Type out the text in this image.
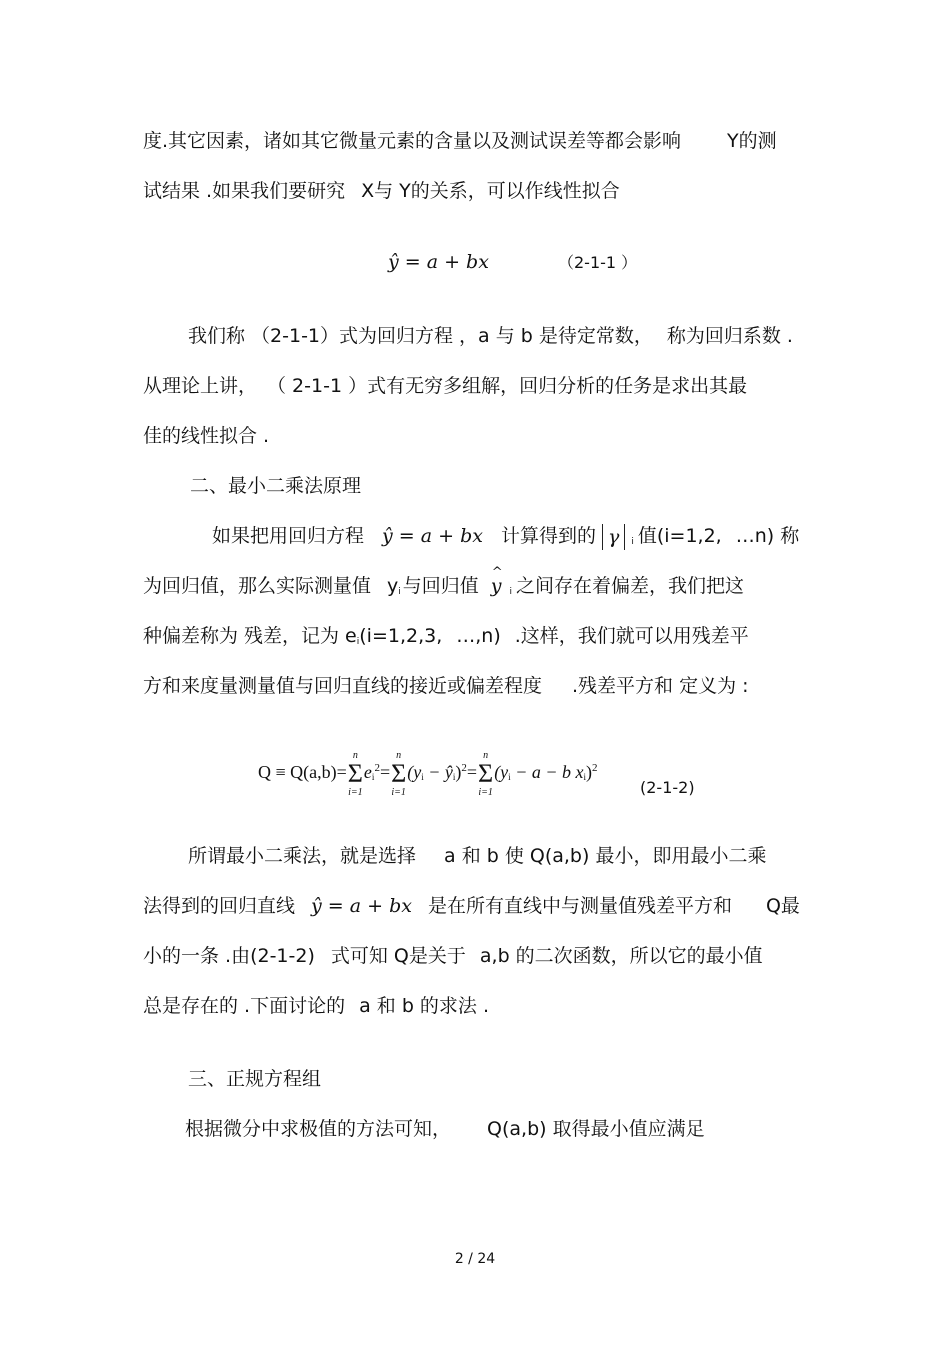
度.其它因素，诸如其它微量元素的含量以及测试误差等都会影响 Y的测
试结果 .如果我们要研究 X与 Y的关系，可以作线性拟合
ŷ = a + bx	（2-1-1 ）
我们称 （2-1-1）式为回归方程 ，a 与 b 是待定常数， 称为回归系数 .
从理论上讲， （ 2-1-1 ）式有无穷多组解，回归分析的任务是求出其最
佳的线性拟合 .
二、最小二乘法原理
如果把用回归方程 ŷ = a + bx 计算得到的 γ $_i$ 值(i=1,2, …n) 称
为回归值，那么实际测量值 $y_i$ 与回归值 y ^ $_i$ 之间存在着偏差，我们把这
种偏差称为 残差，记为 $e_i(i=1,2,3$, …,n) .这样，我们就可以用残差平
方和来度量测量值与回归直线的接近或偏差程度 .残差平方和 定义为 :
Q ≡ Q(a,b)=
n
Σ
i=1
$e_i^2=$
n
Σ
i=1
($y_i$ − $ŷ_i)^2=$
n
Σ
i=1
($y_i - a - b$ $x_i)^2$
(2-1-2)
所谓最小二乘法，就是选择 a 和 b 使 Q(a,b) 最小，即用最小二乘
法得到的回归直线 ŷ = a + bx 是在所有直线中与测量值残差平方和 Q最
小的一条 .由(2-1-2) 式可知 Q是关于 a,b 的二次函数，所以它的最小值
总是存在的 .下面讨论的 a 和 b 的求法 .
三、正规方程组
根据微分中求极值的方法可知， Q(a,b) 取得最小值应满足
2 / 24
